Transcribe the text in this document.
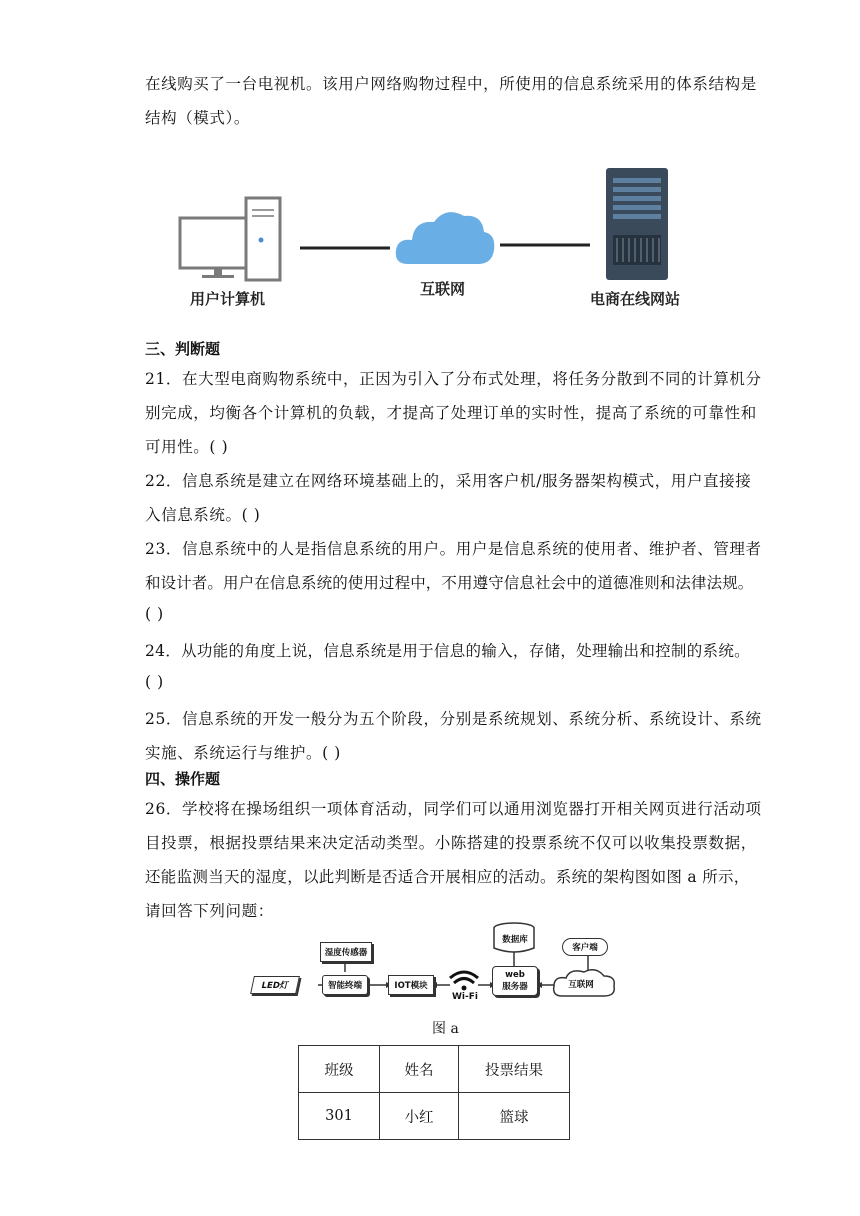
在线购买了一台电视机。该用户网络购物过程中，所使用的信息系统采用的体系结构是
结构（模式）。
用户计算机
互联网
电商在线网站
三、判断题
21．在大型电商购物系统中，正因为引入了分布式处理，将任务分散到不同的计算机分
别完成，均衡各个计算机的负载，才提高了处理订单的实时性，提高了系统的可靠性和
可用性。( )
22．信息系统是建立在网络环境基础上的，采用客户机/服务器架构模式，用户直接接
入信息系统。( )
23．信息系统中的人是指信息系统的用户。用户是信息系统的使用者、维护者、管理者
和设计者。用户在信息系统的使用过程中，不用遵守信息社会中的道德准则和法律法规。
( )
24．从功能的角度上说，信息系统是用于信息的输入，存储，处理输出和控制的系统。
( )
25．信息系统的开发一般分为五个阶段，分别是系统规划、系统分析、系统设计、系统
实施、系统运行与维护。( )
四、操作题
26．学校将在操场组织一项体育活动，同学们可以通用浏览器打开相关网页进行活动项
目投票，根据投票结果来决定活动类型。小陈搭建的投票系统不仅可以收集投票数据，
还能监测当天的湿度，以此判断是否适合开展相应的活动。系统的架构图如图 a 所示，
请回答下列问题：
湿度传感器
LED灯	智能终端	IOT模块
Wi-Fi
数据库
web
服务器	互联网
客户端
图 a
班级	姓名	投票结果
301	小红	篮球
